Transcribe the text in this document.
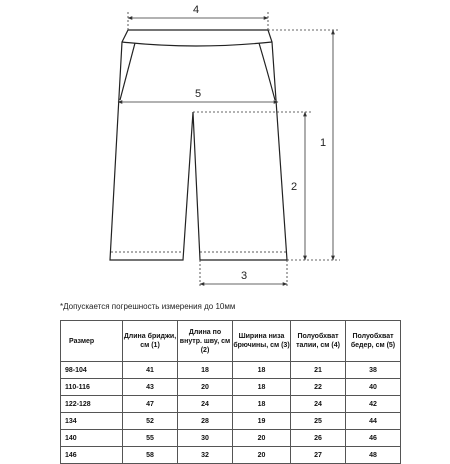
4
5
1
2
3
*Допускается погрешность измерения до 10мм
Размер	Длина бриджи, см (1)	Длина по внутр. шву, см (2)	Ширина низа брючины, см (3)	Полуобхват талии, см (4)	Полуобхват бедер, см (5)
98-104	41	18	18	21	38
110-116	43	20	18	22	40
122-128	47	24	18	24	42
134	52	28	19	25	44
140	55	30	20	26	46
146	58	32	20	27	48
